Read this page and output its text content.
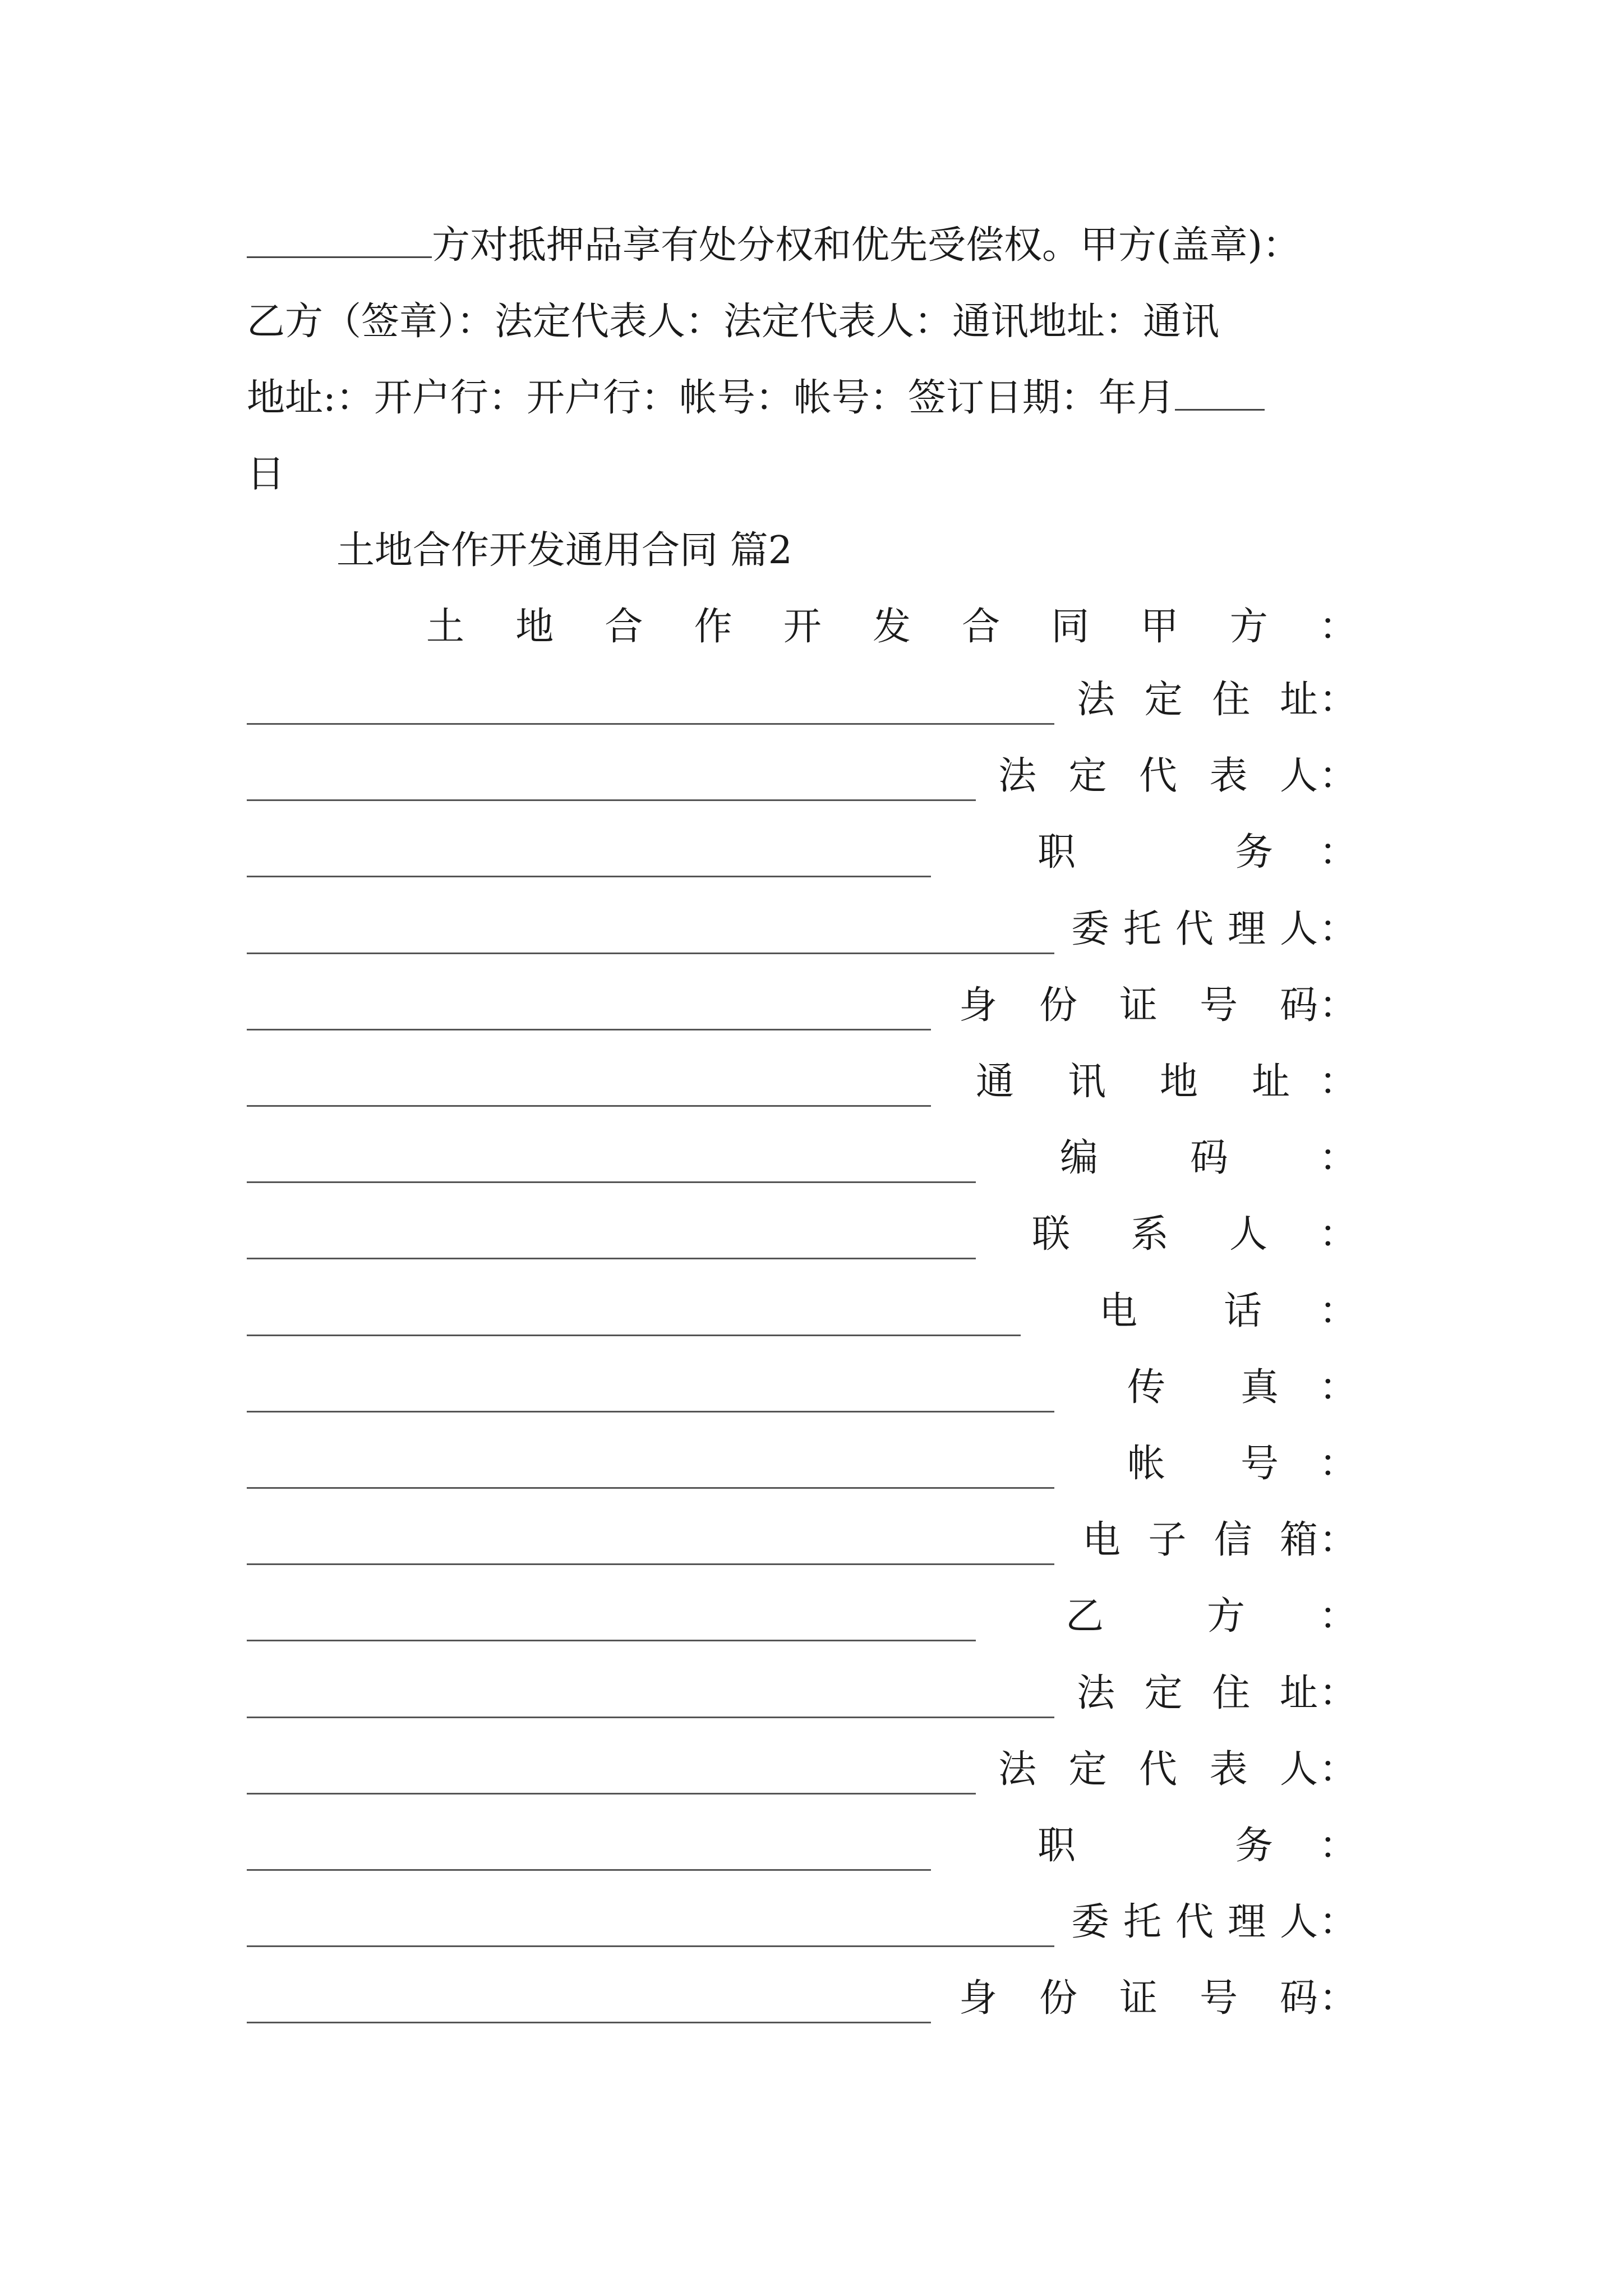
方对抵押品享有处分权和优先受偿权。甲方(盖章)：
乙方（签章）：法定代表人：法定代表人：通讯地址：通讯
地址:：开户行：开户行：帐号：帐号：签订日期：年月
日
土地合作开发通用合同 篇2
土 地 合 作 开 发 合 同 甲 方 ：
法 定 住 址 ：
法 定 代 表 人 ：
职	务 ：
委 托 代 理 人 ：
身 份 证 号 码 ：
通 讯 地 址 ：
编 码 ：
联 系 人 ：
电 话 ：
传 真 ：
帐 号 ：
电 子 信 箱 ：
乙	方 ：
法 定 住 址 ：
法 定 代 表 人 ：
职	务 ：
委 托 代 理 人 ：
身 份 证 号 码 ：
